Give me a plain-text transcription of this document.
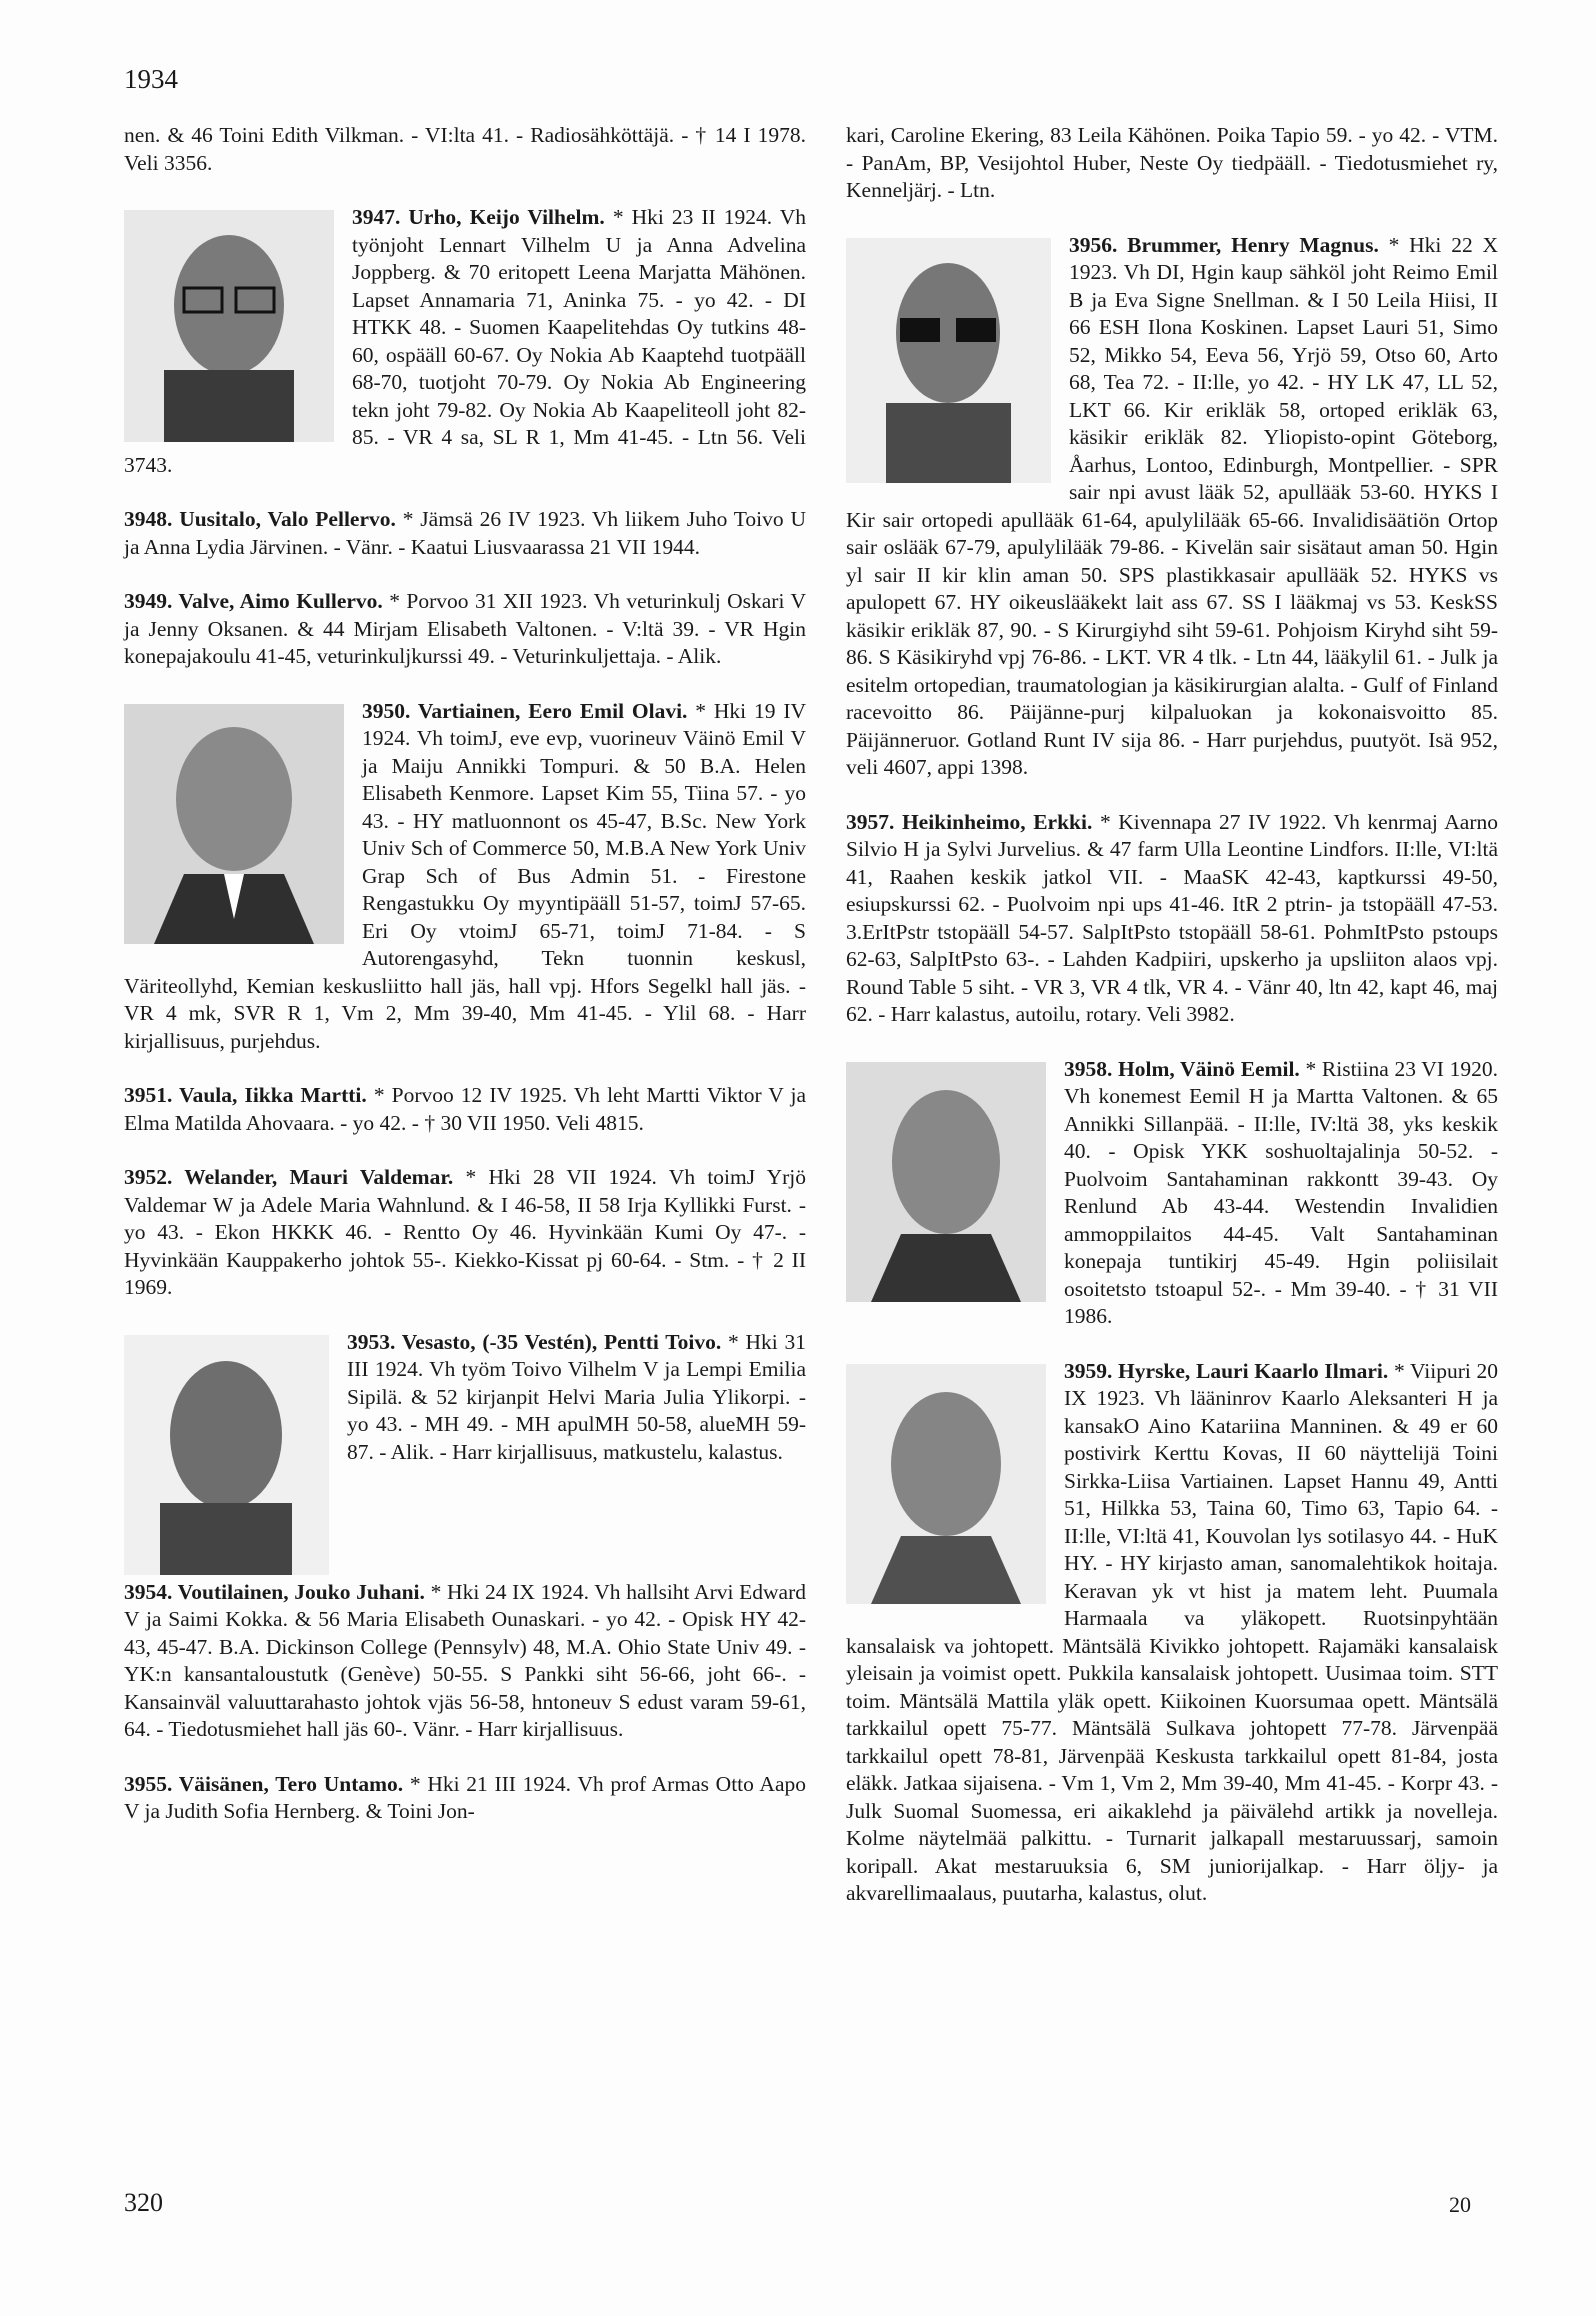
1934

nen. & 46 Toini Edith Vilkman. - VI:lta 41. - Radiosähköttäjä. - † 14 I 1978. Veli 3356.

3947. Urho, Keijo Vilhelm. * Hki 23 II 1924. Vh työnjoht Lennart Vilhelm U ja Anna Advelina Joppberg. & 70 eritopett Leena Marjatta Mähönen. Lapset Annamaria 71, Aninka 75. - yo 42. - DI HTKK 48. - Suomen Kaapelitehdas Oy tutkins 48-60, ospääll 60-67. Oy Nokia Ab Kaaptehd tuotpääll 68-70, tuotjoht 70-79. Oy Nokia Ab Engineering tekn joht 79-82. Oy Nokia Ab Kaapeliteoll joht 82-85. - VR 4 sa, SL R 1, Mm 41-45. - Ltn 56. Veli 3743.

3948. Uusitalo, Valo Pellervo. * Jämsä 26 IV 1923. Vh liikem Juho Toivo U ja Anna Lydia Järvinen. - Vänr. - Kaatui Liusvaarassa 21 VII 1944.

3949. Valve, Aimo Kullervo. * Porvoo 31 XII 1923. Vh veturinkulj Oskari V ja Jenny Oksanen. & 44 Mirjam Elisabeth Valtonen. - V:ltä 39. - VR Hgin konepajakoulu 41-45, veturinkuljkurssi 49. - Veturinkuljettaja. - Alik.

3950. Vartiainen, Eero Emil Olavi. * Hki 19 IV 1924. Vh toimJ, eve evp, vuorineuv Väinö Emil V ja Maiju Annikki Tompuri. & 50 B.A. Helen Elisabeth Kenmore. Lapset Kim 55, Tiina 57. - yo 43. - HY matluonnont os 45-47, B.Sc. New York Univ Sch of Commerce 50, M.B.A New York Univ Grap Sch of Bus Admin 51. - Firestone Rengastukku Oy myyntipääll 51-57, toimJ 57-65. Eri Oy vtoimJ 65-71, toimJ 71-84. - S Autorengasyhd, Tekn tuonnin keskusl, Väriteollyhd, Kemian keskusliitto hall jäs, hall vpj. Hfors Segelkl hall jäs. - VR 4 mk, SVR R 1, Vm 2, Mm 39-40, Mm 41-45. - Ylil 68. - Harr kirjallisuus, purjehdus.

3951. Vaula, Iikka Martti. * Porvoo 12 IV 1925. Vh leht Martti Viktor V ja Elma Matilda Ahovaara. - yo 42. - † 30 VII 1950. Veli 4815.

3952. Welander, Mauri Valdemar. * Hki 28 VII 1924. Vh toimJ Yrjö Valdemar W ja Adele Maria Wahnlund. & I 46-58, II 58 Irja Kyllikki Furst. - yo 43. - Ekon HKKK 46. - Rentto Oy 46. Hyvinkään Kumi Oy 47-. - Hyvinkään Kauppakerho johtok 55-. Kiekko-Kissat pj 60-64. - Stm. - † 2 II 1969.

3953. Vesasto, (-35 Vestén), Pentti Toivo. * Hki 31 III 1924. Vh työm Toivo Vilhelm V ja Lempi Emilia Sipilä. & 52 kirjanpit Helvi Maria Julia Ylikorpi. - yo 43. - MH 49. - MH apulMH 50-58, alueMH 59-87. - Alik. - Harr kirjallisuus, matkustelu, kalastus.

3954. Voutilainen, Jouko Juhani. * Hki 24 IX 1924. Vh hallsiht Arvi Edward V ja Saimi Kokka. & 56 Maria Elisabeth Ounaskari. - yo 42. - Opisk HY 42-43, 45-47. B.A. Dickinson College (Pennsylv) 48, M.A. Ohio State Univ 49. - YK:n kansantaloustutk (Genève) 50-55. S Pankki siht 56-66, joht 66-. - Kansainväl valuuttarahasto johtok vjäs 56-58, hntoneuv S edust varam 59-61, 64. - Tiedotusmiehet hall jäs 60-. Vänr. - Harr kirjallisuus.

3955. Väisänen, Tero Untamo. * Hki 21 III 1924. Vh prof Armas Otto Aapo V ja Judith Sofia Hernberg. & Toini Jon-

kari, Caroline Ekering, 83 Leila Kähönen. Poika Tapio 59. - yo 42. - VTM. - PanAm, BP, Vesijohtol Huber, Neste Oy tiedpääll. - Tiedotusmiehet ry, Kenneljärj. - Ltn.

3956. Brummer, Henry Magnus. * Hki 22 X 1923. Vh DI, Hgin kaup sähköl joht Reimo Emil B ja Eva Signe Snellman. & I 50 Leila Hiisi, II 66 ESH Ilona Koskinen. Lapset Lauri 51, Simo 52, Mikko 54, Eeva 56, Yrjö 59, Otso 60, Arto 68, Tea 72. - II:lle, yo 42. - HY LK 47, LL 52, LKT 66. Kir erikläk 58, ortoped erikläk 63, käsikir erikläk 82. Yliopisto-opint Göteborg, Åarhus, Lontoo, Edinburgh, Montpellier. - SPR sair npi avust lääk 52, apullääk 53-60. HYKS I Kir sair ortopedi apullääk 61-64, apulylilääk 65-66. Invalidisäätiön Ortop sair oslääk 67-79, apulylilääk 79-86. - Kivelän sair sisätaut aman 50. Hgin yl sair II kir klin aman 50. SPS plastikkasair apullääk 52. HYKS vs apulopett 67. HY oikeuslääkekt lait ass 67. SS I lääkmaj vs 53. KeskSS käsikir erikläk 87, 90. - S Kirurgiyhd siht 59-61. Pohjoism Kiryhd siht 59-86. S Käsikiryhd vpj 76-86. - LKT. VR 4 tlk. - Ltn 44, lääkylil 61. - Julk ja esitelm ortopedian, traumatologian ja käsikirurgian alalta. - Gulf of Finland racevoitto 86. Päijänne-purj kilpaluokan ja kokonaisvoitto 85. Päijänneruor. Gotland Runt IV sija 86. - Harr purjehdus, puutyöt. Isä 952, veli 4607, appi 1398.

3957. Heikinheimo, Erkki. * Kivennapa 27 IV 1922. Vh kenrmaj Aarno Silvio H ja Sylvi Jurvelius. & 47 farm Ulla Leontine Lindfors. II:lle, VI:ltä 41, Raahen keskik jatkol VII. - MaaSK 42-43, kaptkurssi 49-50, esiupskurssi 62. - Puolvoim npi ups 41-46. ItR 2 ptrin- ja tstopääll 47-53. 3.ErItPstr tstopääll 54-57. SalpItPsto tstopääll 58-61. PohmItPsto pstoups 62-63, SalpItPsto 63-. - Lahden Kadpiiri, upskerho ja upsliiton alaos vpj. Round Table 5 siht. - VR 3, VR 4 tlk, VR 4. - Vänr 40, ltn 42, kapt 46, maj 62. - Harr kalastus, autoilu, rotary. Veli 3982.

3958. Holm, Väinö Eemil. * Ristiina 23 VI 1920. Vh konemest Eemil H ja Martta Valtonen. & 65 Annikki Sillanpää. - II:lle, IV:ltä 38, yks keskik 40. - Opisk YKK soshuoltajalinja 50-52. - Puolvoim Santahaminan rakkontt 39-43. Oy Renlund Ab 43-44. Westendin Invalidien ammoppilaitos 44-45. Valt Santahaminan konepaja tuntikirj 45-49. Hgin poliisilait osoitetsto tstoapul 52-. - Mm 39-40. - † 31 VII 1986.

3959. Hyrske, Lauri Kaarlo Ilmari. * Viipuri 20 IX 1923. Vh lääninrov Kaarlo Aleksanteri H ja kansakO Aino Katariina Manninen. & 49 er 60 postivirk Kerttu Kovas, II 60 näyttelijä Toini Sirkka-Liisa Vartiainen. Lapset Hannu 49, Antti 51, Hilkka 53, Taina 60, Timo 63, Tapio 64. - II:lle, VI:ltä 41, Kouvolan lys sotilasyo 44. - HuK HY. - HY kirjasto aman, sanomalehtikok hoitaja. Keravan yk vt hist ja matem leht. Puumala Harmaala va yläkopett. Ruotsinpyhtään kansalaisk va johtopett. Mäntsälä Kivikko johtopett. Rajamäki kansalaisk yleisain ja voimist opett. Pukkila kansalaisk johtopett. Uusimaa toim. STT toim. Mäntsälä Mattila yläk opett. Kiikoinen Kuorsumaa opett. Mäntsälä tarkkailul opett 75-77. Mäntsälä Sulkava johtopett 77-78. Järvenpää tarkkailul opett 78-81, Järvenpää Keskusta tarkkailul opett 81-84, josta eläkk. Jatkaa sijaisena. - Vm 1, Vm 2, Mm 39-40, Mm 41-45. - Korpr 43. - Julk Suomal Suomessa, eri aikaklehd ja päivälehd artikk ja novelleja. Kolme näytelmää palkittu. - Turnarit jalkapall mestaruussarj, samoin koripall. Akat mestaruuksia 6, SM juniorijalkap. - Harr öljy- ja akvarellimaalaus, puutarha, kalastus, olut.

320	20
